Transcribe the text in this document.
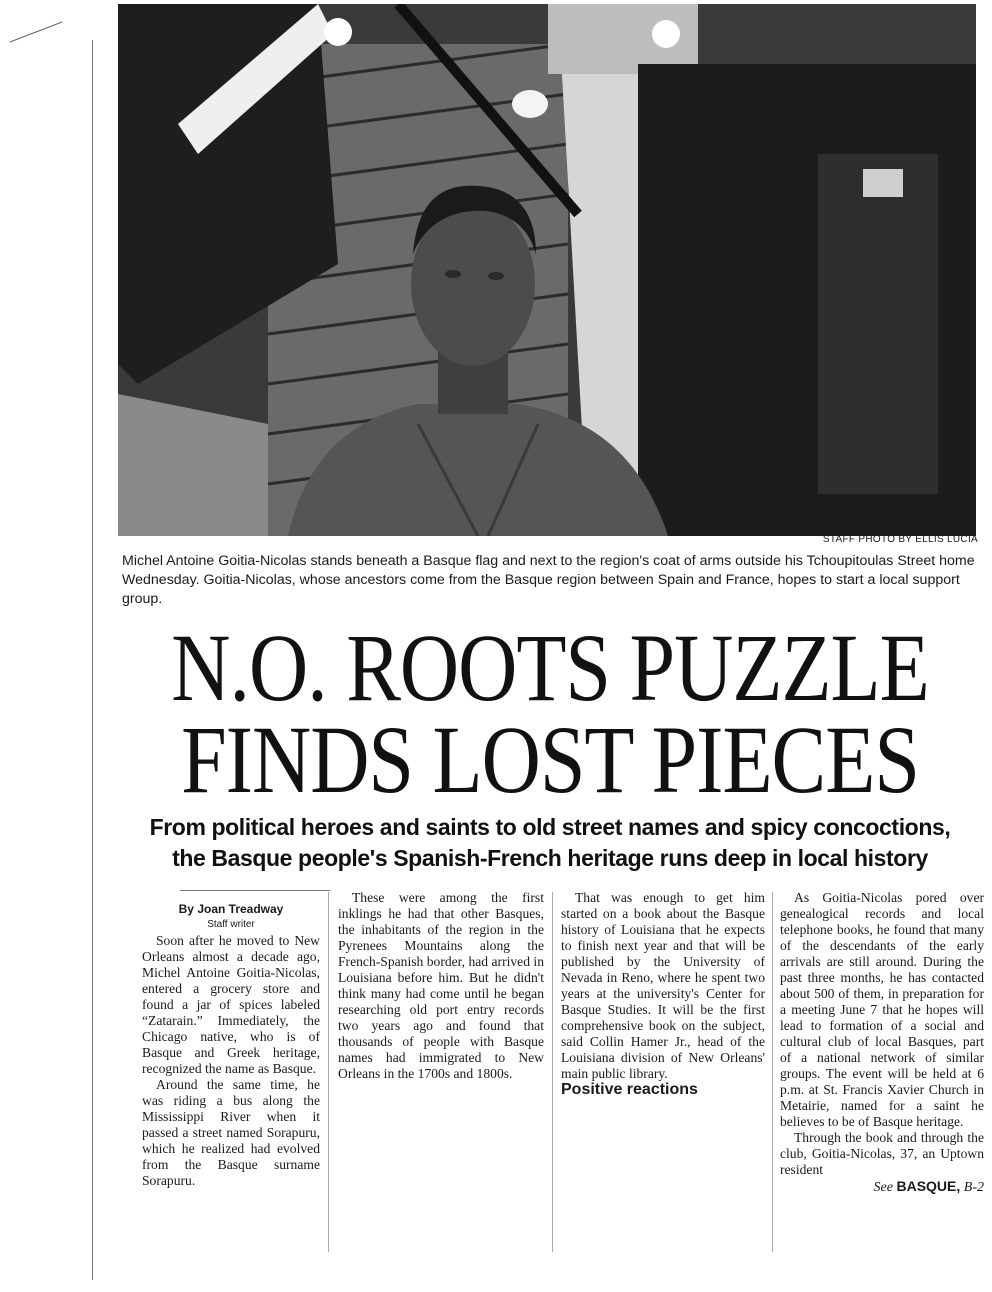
STAFF PHOTO BY ELLIS LUCIA
Michel Antoine Goitia-Nicolas stands beneath a Basque flag and next to the region's coat of arms outside his Tchoupitoulas Street home Wednesday. Goitia-Nicolas, whose ancestors come from the Basque region between Spain and France, hopes to start a local support group.
N.O. ROOTS PUZZLE
FINDS LOST PIECES
From political heroes and saints to old street names and spicy concoctions,
the Basque people's Spanish-French heritage runs deep in local history

By Joan Treadway

Staff writer

Soon after he moved to New Orleans almost a decade ago, Michel Antoine Goitia-Nicolas, entered a grocery store and found a jar of spices labeled “Zatarain.” Immediately, the Chicago native, who is of Basque and Greek heritage, recognized the name as Basque.

Around the same time, he was riding a bus along the Mississippi River when it passed a street named Sorapuru, which he realized had evolved from the Basque surname Sorapuru.

These were among the first inklings he had that other Basques, the inhabitants of the region in the Pyrenees Mountains along the French-Spanish border, had arrived in Louisiana before him. But he didn't think many had come until he began researching old port entry records two years ago and found that thousands of people with Basque names had immigrated to New Orleans in the 1700s and 1800s.

That was enough to get him started on a book about the Basque history of Louisiana that he expects to finish next year and that will be published by the University of Nevada in Reno, where he spent two years at the university's Center for Basque Studies. It will be the first comprehensive book on the subject, said Collin Hamer Jr., head of the Louisiana division of New Orleans' main public library.

Positive reactions

As Goitia-Nicolas pored over genealogical records and local telephone books, he found that many of the descendants of the early arrivals are still around. During the past three months, he has contacted about 500 of them, in preparation for a meeting June 7 that he hopes will lead to formation of a social and cultural club of local Basques, part of a national network of similar groups. The event will be held at 6 p.m. at St. Francis Xavier Church in Metairie, named for a saint he believes to be of Basque heritage.

Through the book and through the club, Goitia-Nicolas, 37, an Uptown resident

See BASQUE, B-2
